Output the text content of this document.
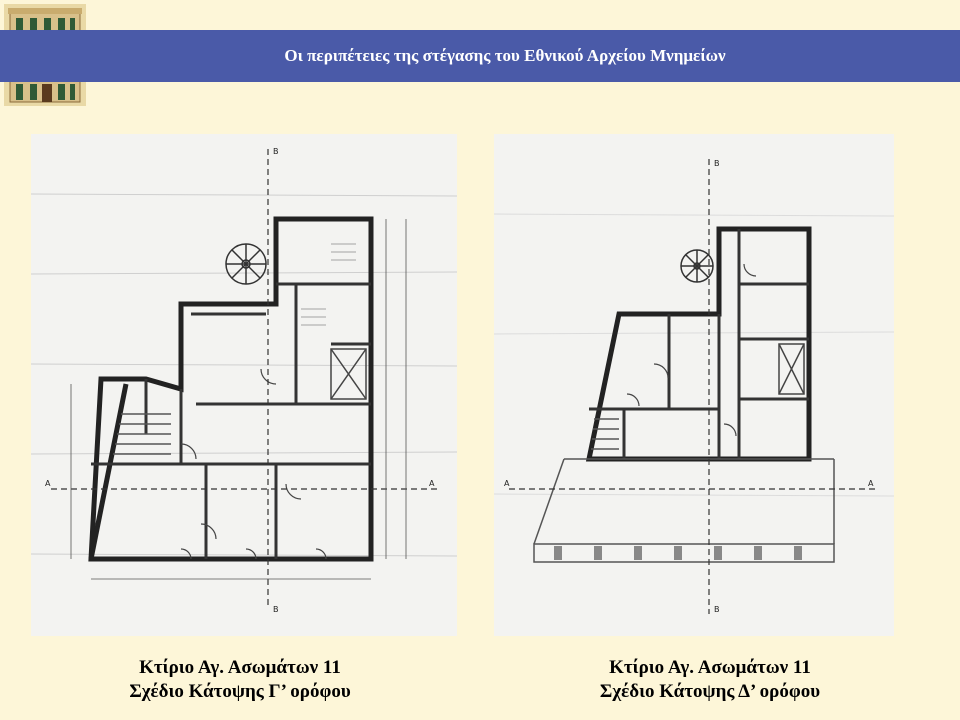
Οι περιπέτειες της στέγασης του Εθνικού Αρχείου Μνημείων
A	A
B
B
A	A
B
B
Κτίριο Αγ. Ασωμάτων 11
Σχέδιο Κάτοψης Γ’ ορόφου
Κτίριο Αγ. Ασωμάτων 11
Σχέδιο Κάτοψης Δ’ ορόφου
